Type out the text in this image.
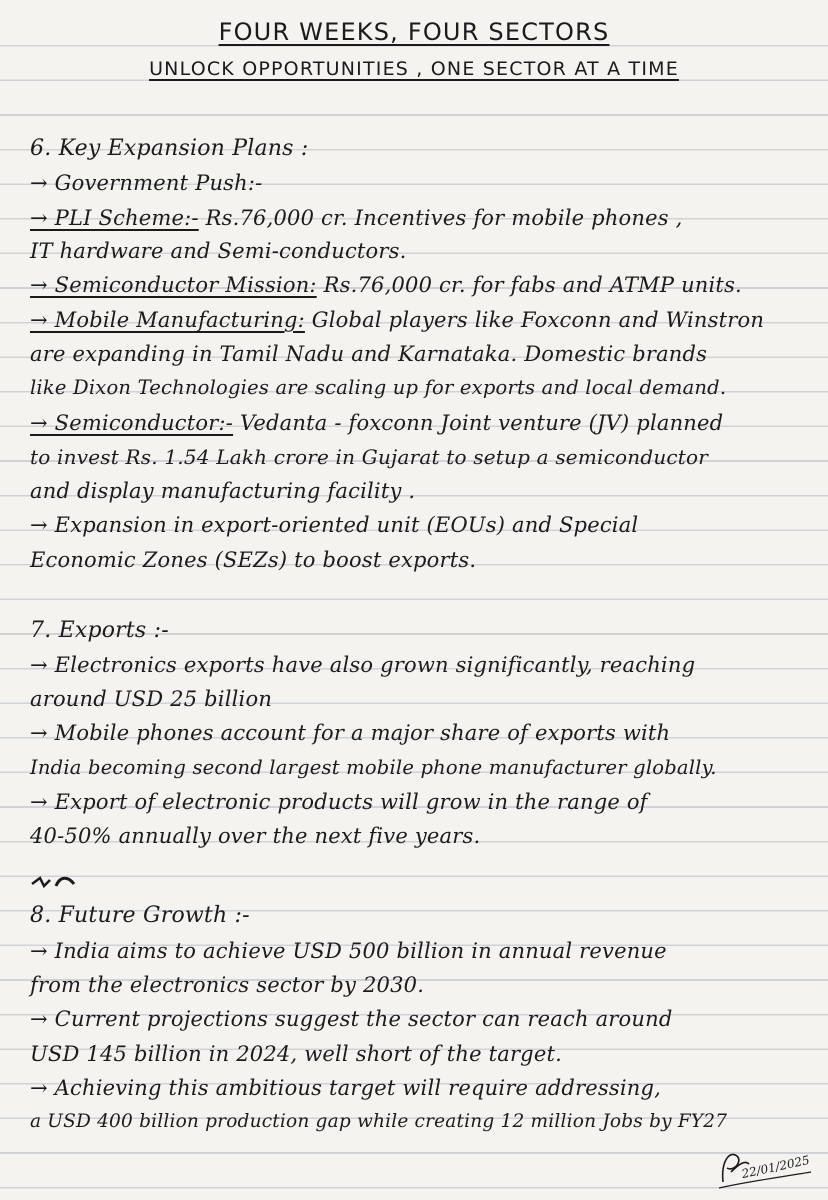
FOUR WEEKS, FOUR SECTORS
UNLOCK OPPORTUNITIES , ONE SECTOR AT A TIME
6. Key Expansion Plans :
→ Government Push:-
→ PLI Scheme:- Rs.76,000 cr. Incentives for mobile phones ,
IT hardware and Semi-conductors.
→ Semiconductor Mission: Rs.76,000 cr. for fabs and ATMP units.
→ Mobile Manufacturing: Global players like Foxconn and Winstron
are expanding in Tamil Nadu and Karnataka. Domestic brands
like Dixon Technologies are scaling up for exports and local demand.
→ Semiconductor:- Vedanta - foxconn Joint venture (JV) planned
to invest Rs. 1.54 Lakh crore in Gujarat to setup a semiconductor
and display manufacturing facility .
→ Expansion in export-oriented unit (EOUs) and Special
Economic Zones (SEZs) to boost exports.
7. Exports :-
→ Electronics exports have also grown significantly, reaching
around USD 25 billion
→ Mobile phones account for a major share of exports with
India becoming second largest mobile phone manufacturer globally.
→ Export of electronic products will grow in the range of
40-50% annually over the next five years.
8. Future Growth :-
→ India aims to achieve USD 500 billion in annual revenue
from the electronics sector by 2030.
→ Current projections suggest the sector can reach around
USD 145 billion in 2024, well short of the target.
→ Achieving this ambitious target will require addressing,
a USD 400 billion production gap while creating 12 million Jobs by FY27
22/01/2025
